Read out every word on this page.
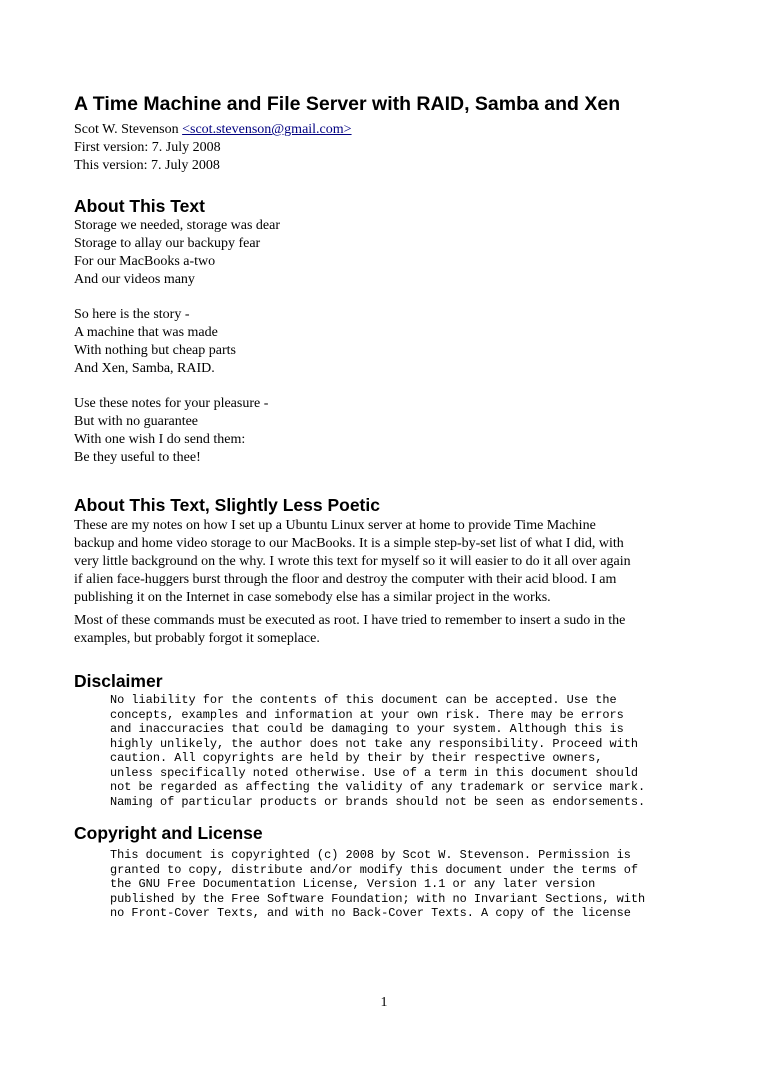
A Time Machine and File Server with RAID, Samba and Xen
Scot W. Stevenson <scot.stevenson@gmail.com>
First version: 7. July 2008
This version: 7. July 2008
About This Text
Storage we needed, storage was dear
Storage to allay our backupy fear
For our MacBooks a-two
And our videos many
So here is the story -
A machine that was made
With nothing but cheap parts
And Xen, Samba, RAID.
Use these notes for your pleasure -
But with no guarantee
With one wish I do send them:
Be they useful to thee!
About This Text, Slightly Less Poetic
These are my notes on how I set up a Ubuntu Linux server at home to provide Time Machine
backup and home video storage to our MacBooks. It is a simple step-by-set list of what I did, with
very little background on the why. I wrote this text for myself so it will easier to do it all over again
if alien face-huggers burst through the floor and destroy the computer with their acid blood. I am
publishing it on the Internet in case somebody else has a similar project in the works.
Most of these commands must be executed as root. I have tried to remember to insert a sudo in the
examples, but probably forgot it someplace.
Disclaimer
No liability for the contents of this document can be accepted. Use the
concepts, examples and information at your own risk. There may be errors
and inaccuracies that could be damaging to your system. Although this is
highly unlikely, the author does not take any responsibility. Proceed with
caution. All copyrights are held by their by their respective owners,
unless specifically noted otherwise. Use of a term in this document should
not be regarded as affecting the validity of any trademark or service mark.
Naming of particular products or brands should not be seen as endorsements.
Copyright and License
This document is copyrighted (c) 2008 by Scot W. Stevenson. Permission is
granted to copy, distribute and/or modify this document under the terms of
the GNU Free Documentation License, Version 1.1 or any later version
published by the Free Software Foundation; with no Invariant Sections, with
no Front-Cover Texts, and with no Back-Cover Texts. A copy of the license
1
